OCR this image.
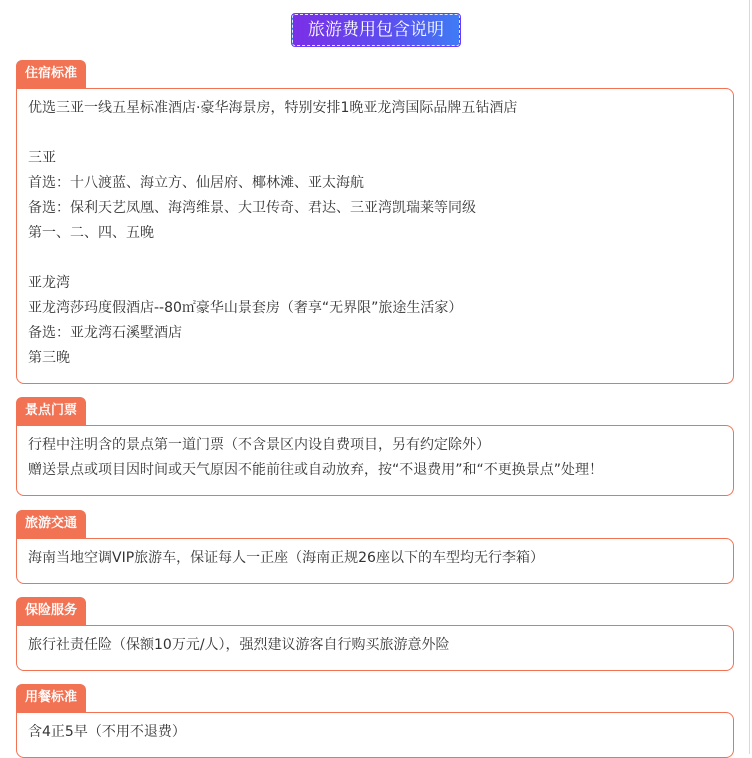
旅游费用包含说明
住宿标准
优选三亚一线五星标准酒店·豪华海景房，特别安排1晚亚龙湾国际品牌五钻酒店
三亚
首选：十八渡蓝、海立方、仙居府、椰林滩、亚太海航
备选：保利天艺凤凰、海湾维景、大卫传奇、君达、三亚湾凯瑞莱等同级
第一、二、四、五晚
亚龙湾
亚龙湾莎玛度假酒店--80㎡豪华山景套房（奢享“无界限”旅途生活家）
备选：亚龙湾石溪墅酒店
第三晚
景点门票
行程中注明含的景点第一道门票（不含景区内设自费项目，另有约定除外）
赠送景点或项目因时间或天气原因不能前往或自动放弃，按“不退费用”和“不更换景点”处理！
旅游交通
海南当地空调VIP旅游车，保证每人一正座（海南正规26座以下的车型均无行李箱）
保险服务
旅行社责任险（保额10万元/人），强烈建议游客自行购买旅游意外险
用餐标准
含4正5早（不用不退费）
